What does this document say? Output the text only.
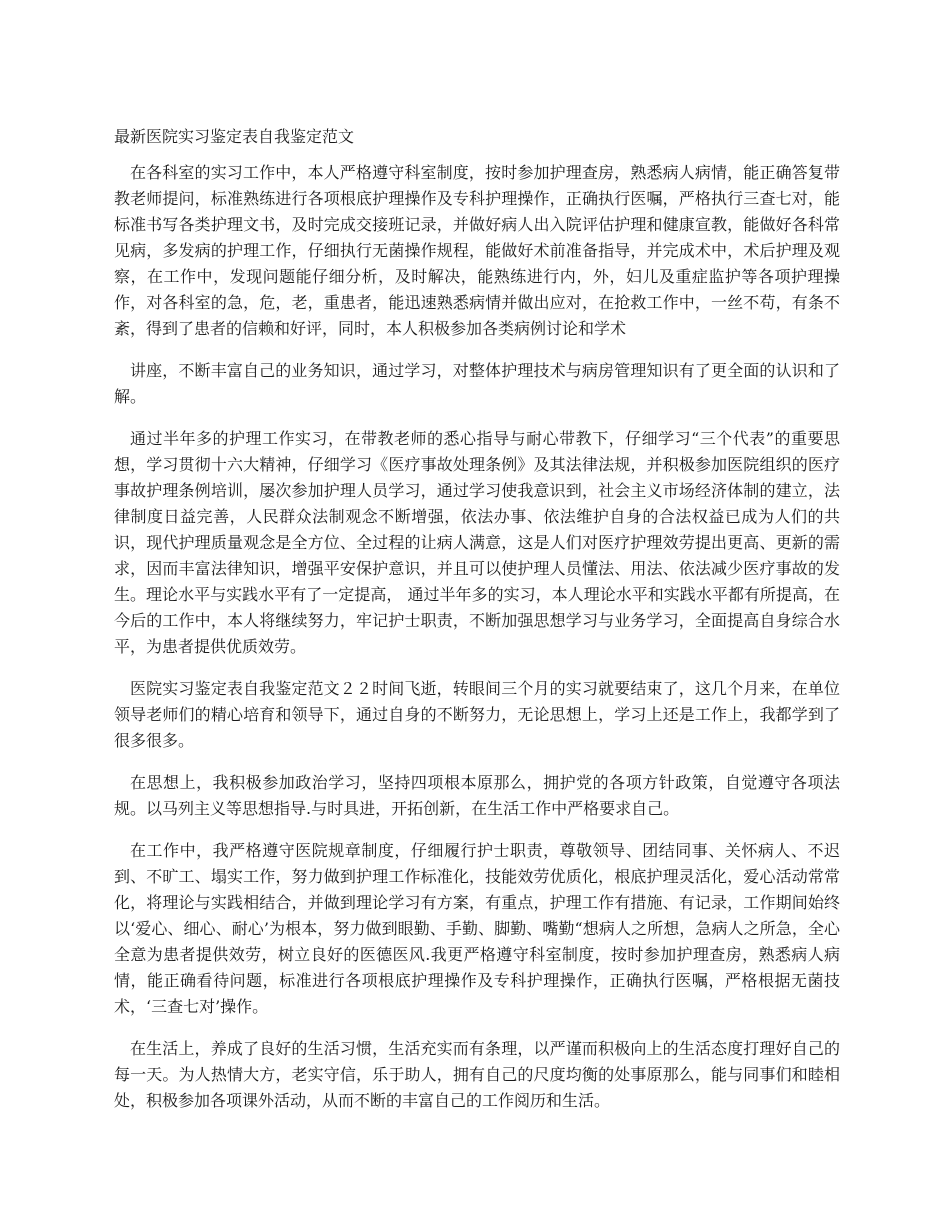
最新医院实习鉴定表自我鉴定范文

在各科室的实习工作中，本人严格遵守科室制度，按时参加护理查房，熟悉病人病情，能正确答复带教老师提问，标准熟练进行各项根底护理操作及专科护理操作，正确执行医嘱，严格执行三查七对，能标准书写各类护理文书，及时完成交接班记录，并做好病人出入院评估护理和健康宣教，能做好各科常见病，多发病的护理工作，仔细执行无菌操作规程，能做好术前准备指导，并完成术中，术后护理及观察，在工作中，发现问题能仔细分析，及时解决，能熟练进行内，外，妇儿及重症监护等各项护理操作，对各科室的急，危，老，重患者，能迅速熟悉病情并做出应对，在抢救工作中，一丝不苟，有条不紊，得到了患者的信赖和好评，同时，本人积极参加各类病例讨论和学术

讲座，不断丰富自己的业务知识，通过学习，对整体护理技术与病房管理知识有了更全面的认识和了解。

通过半年多的护理工作实习，在带教老师的悉心指导与耐心带教下，仔细学习“三个代表”的重要思想，学习贯彻十六大精神，仔细学习《医疗事故处理条例》及其法律法规，并积极参加医院组织的医疗事故护理条例培训，屡次参加护理人员学习，通过学习使我意识到，社会主义市场经济体制的建立，法律制度日益完善，人民群众法制观念不断增强，依法办事、依法维护自身的合法权益已成为人们的共识，现代护理质量观念是全方位、全过程的让病人满意，这是人们对医疗护理效劳提出更高、更新的需求，因而丰富法律知识，增强平安保护意识，并且可以使护理人员懂法、用法、依法减少医疗事故的发生。理论水平与实践水平有了一定提高， 通过半年多的实习，本人理论水平和实践水平都有所提高，在今后的工作中，本人将继续努力，牢记护士职责，不断加强思想学习与业务学习，全面提高自身综合水平，为患者提供优质效劳。

医院实习鉴定表自我鉴定范文２２时间飞逝，转眼间三个月的实习就要结束了，这几个月来，在单位领导老师们的精心培育和领导下，通过自身的不断努力，无论思想上，学习上还是工作上，我都学到了很多很多。

在思想上，我积极参加政治学习，坚持四项根本原那么，拥护党的各项方针政策，自觉遵守各项法规。以马列主义等思想指导.与时具进，开拓创新，在生活工作中严格要求自己。

在工作中，我严格遵守医院规章制度，仔细履行护士职责，尊敬领导、团结同事、关怀病人、不迟到、不旷工、塌实工作，努力做到护理工作标准化，技能效劳优质化，根底护理灵活化，爱心活动常常化，将理论与实践相结合，并做到理论学习有方案，有重点，护理工作有措施、有记录，工作期间始终以‘爱心、细心、耐心’为根本，努力做到眼勤、手勤、脚勤、嘴勤“想病人之所想，急病人之所急，全心全意为患者提供效劳，树立良好的医德医风.我更严格遵守科室制度，按时参加护理查房，熟悉病人病情，能正确看待问题，标准进行各项根底护理操作及专科护理操作，正确执行医嘱，严格根据无菌技术，‘三查七对’操作。

在生活上，养成了良好的生活习惯，生活充实而有条理，以严谨而积极向上的生活态度打理好自己的每一天。为人热情大方，老实守信，乐于助人，拥有自己的尺度均衡的处事原那么，能与同事们和睦相处，积极参加各项课外活动，从而不断的丰富自己的工作阅历和生活。
